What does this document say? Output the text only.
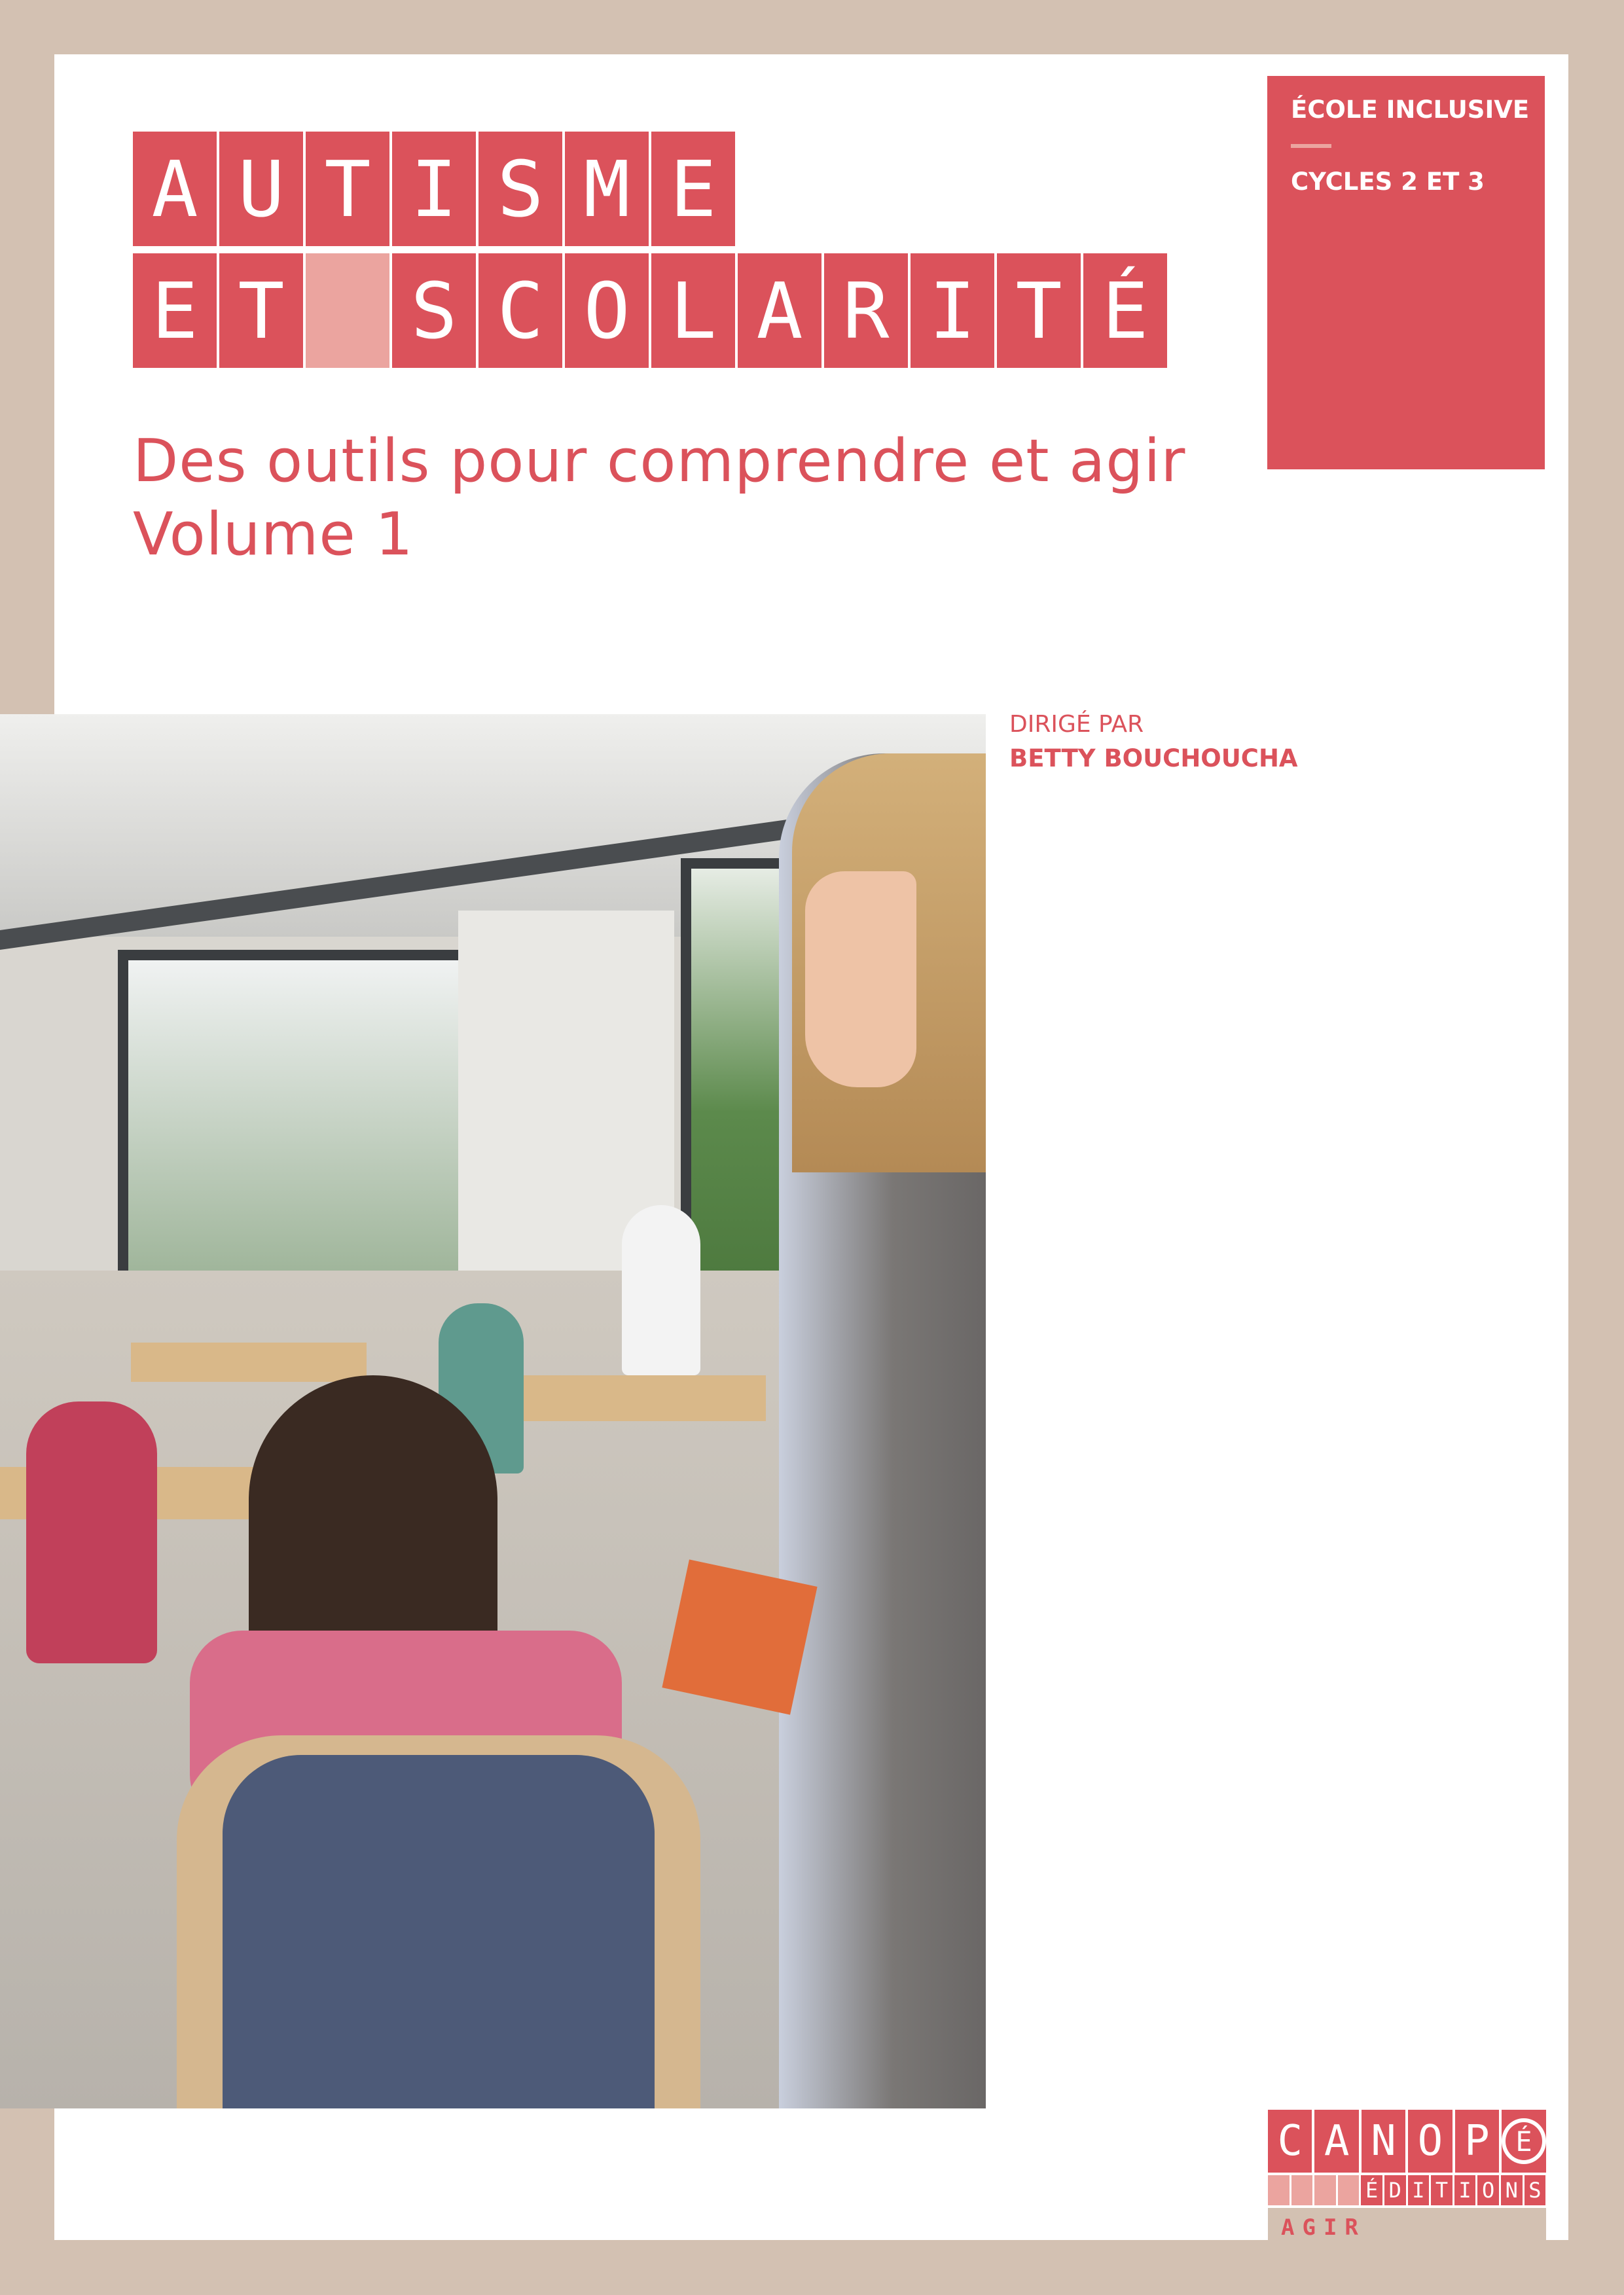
A U T I S M E
E T S C O L A R I T É
Des outils pour comprendre et agir
Volume 1
ÉCOLE INCLUSIVE
CYCLES 2 ET 3
DIRIGÉ PAR
BETTY BOUCHOUCHA
C A N O P É
É D I T I O N S
AGIR
